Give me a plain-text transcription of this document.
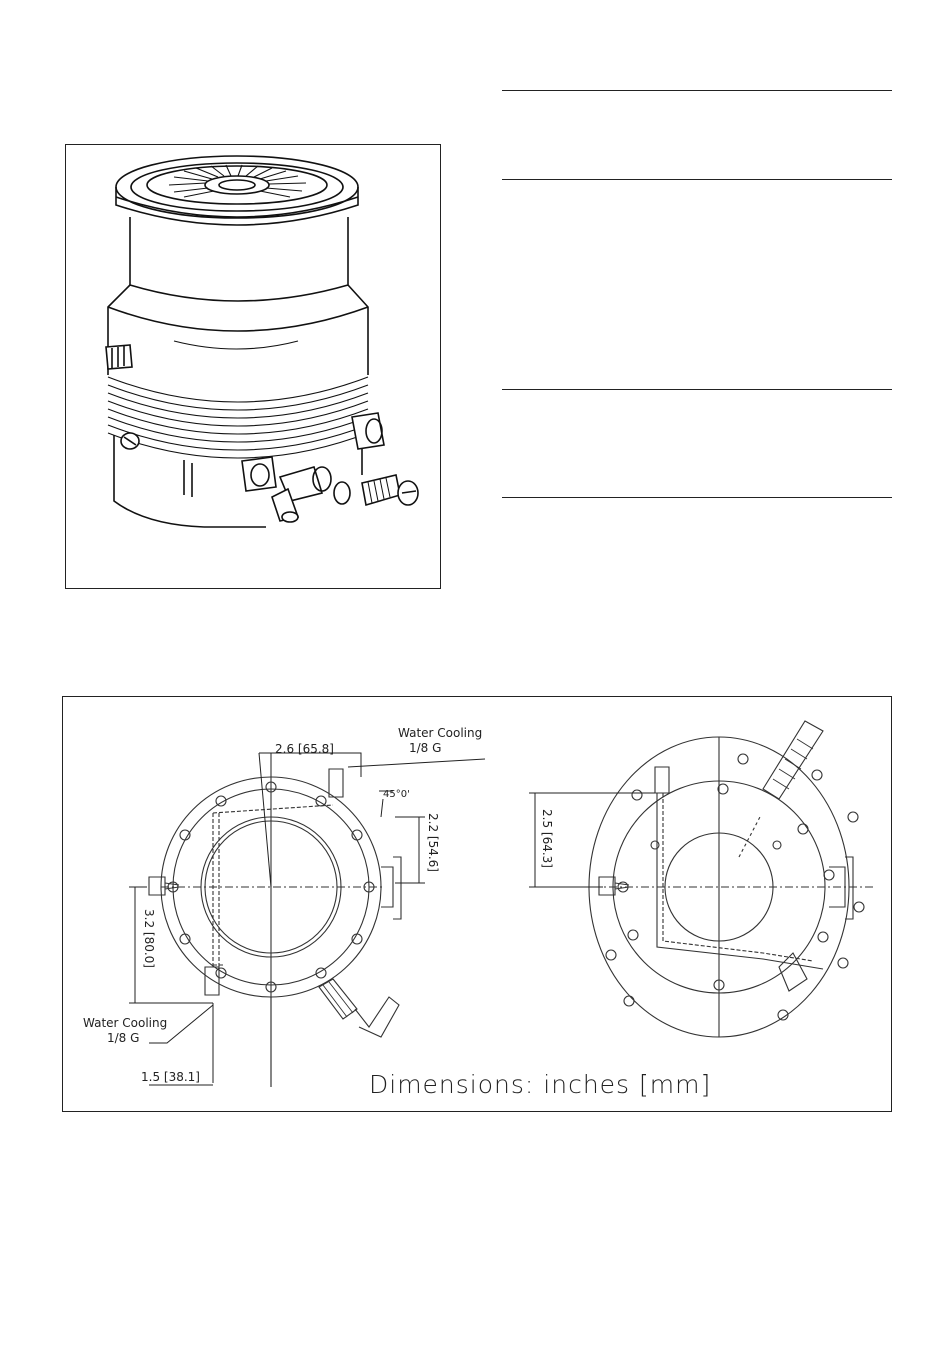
Water Cooling
1/8 G
2.6 [65.8]
45°0'
2.2 [54.6]
3.2 [80.0]
Water Cooling
1/8 G
1.5 [38.1]
2.5 [64.3]
Dimensions: inches [mm]
